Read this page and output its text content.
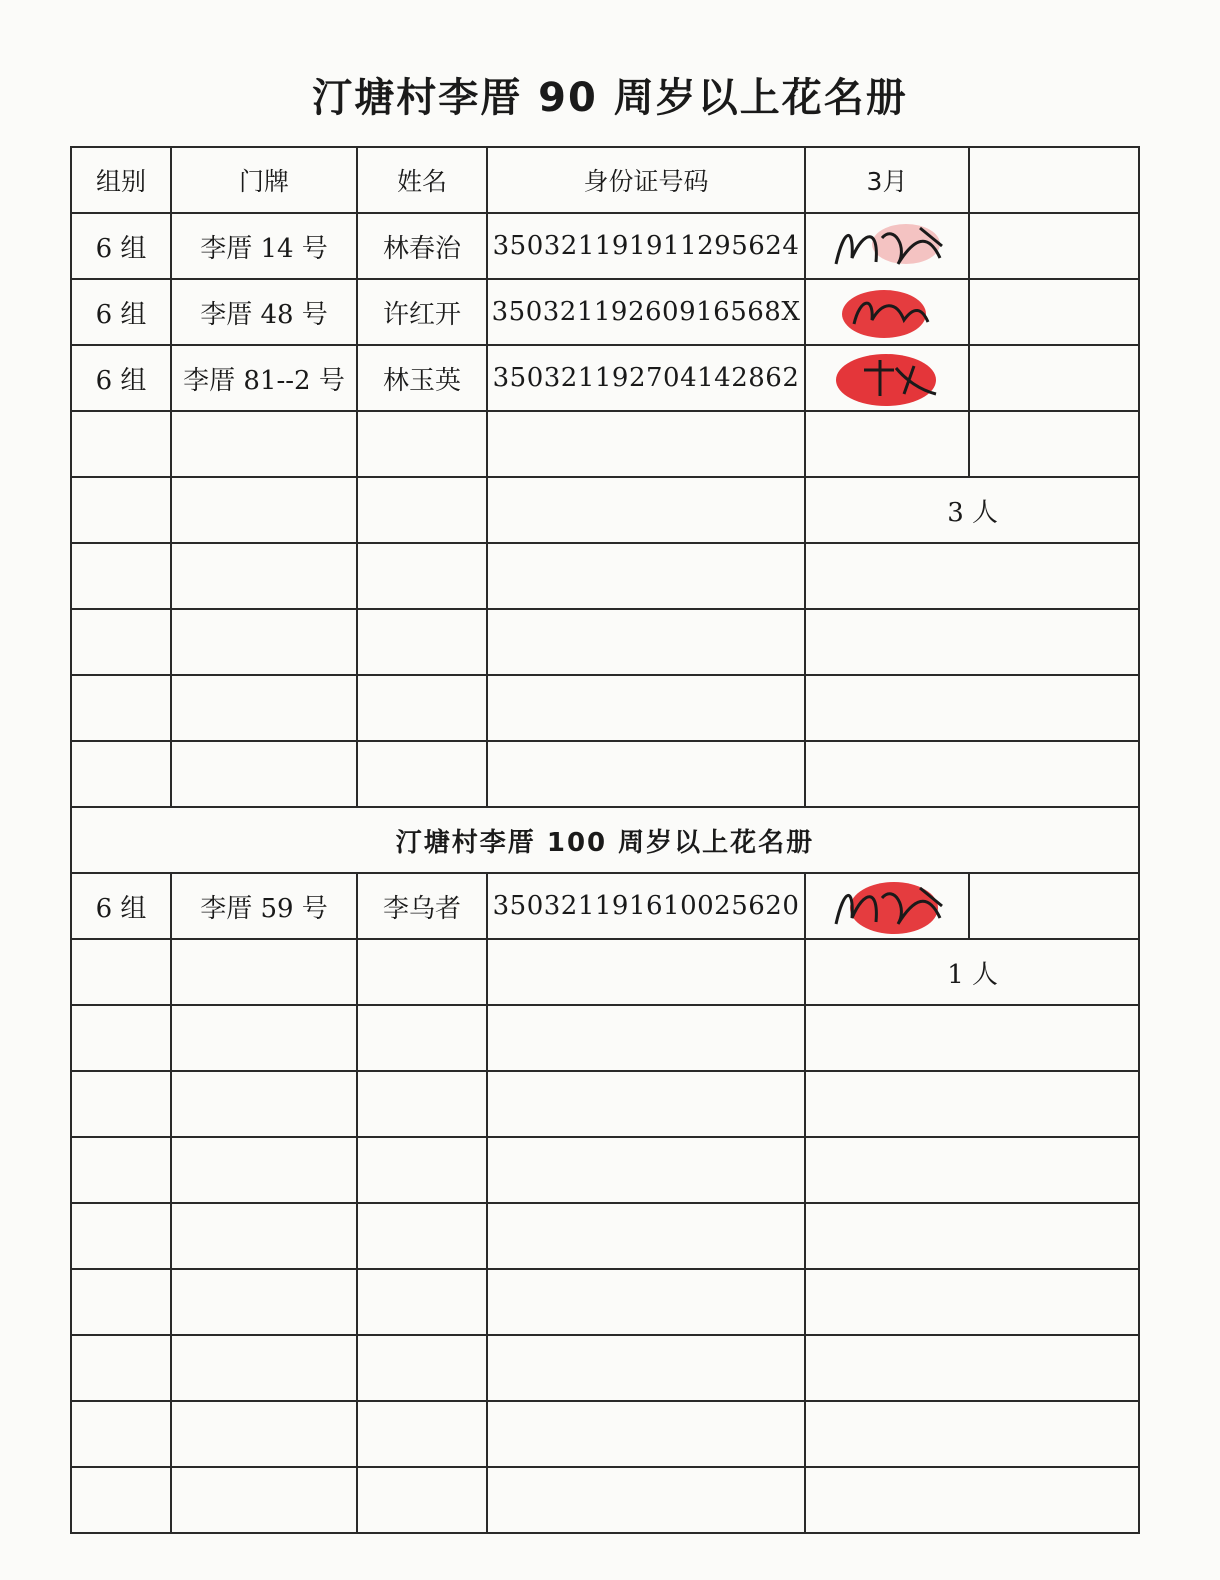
汀塘村李厝 90 周岁以上花名册
组别	门牌	姓名	身份证号码	3月	
6 组	李厝 14 号	林春治	350321191911295624	

6 组	李厝 48 号	许红开	35032119260916568X	

6 组	李厝 81--2 号	林玉英	350321192704142862	

				3 人	

汀塘村李厝 100 周岁以上花名册					
6 组	李厝 59 号	李乌者	350321191610025620	

				1 人	
